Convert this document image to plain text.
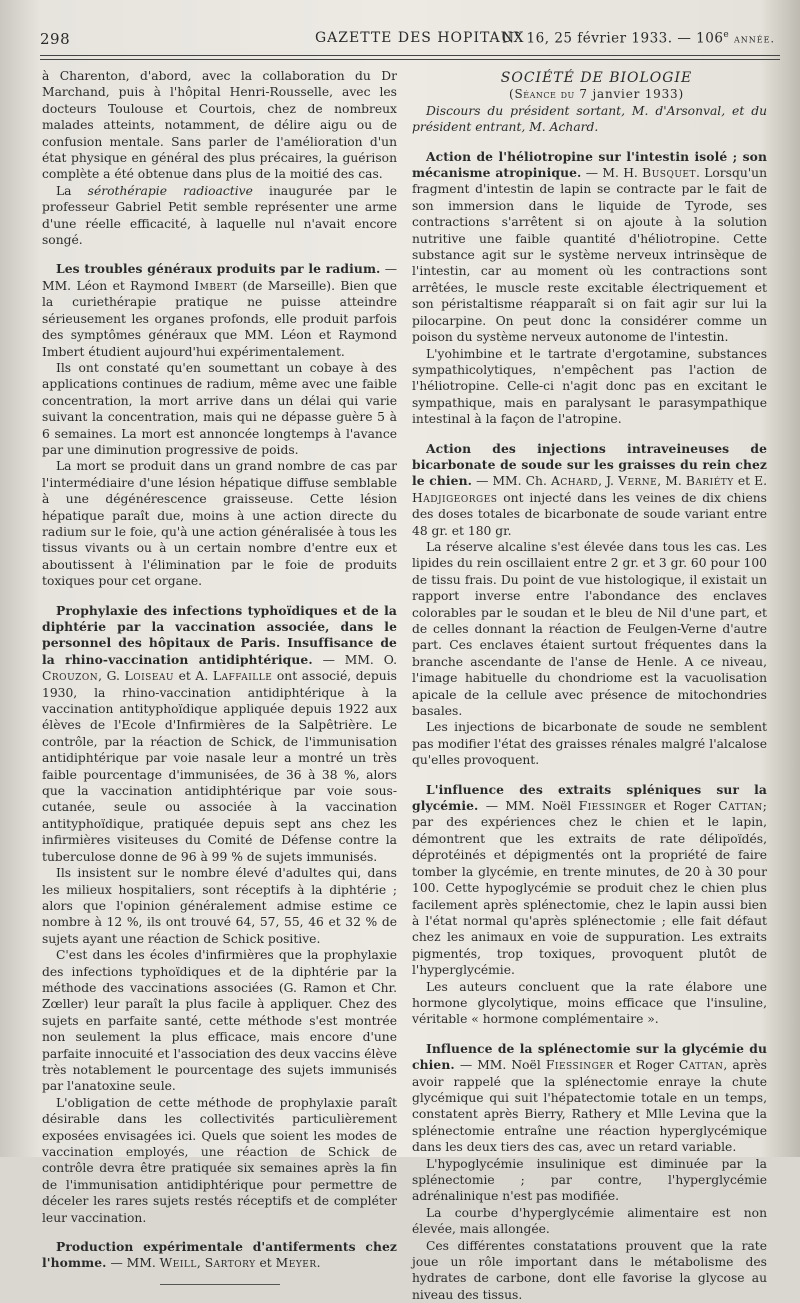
298	GAZETTE DES HOPITAUX
N° 16, 25 février 1933. — 106e année.

à Charenton, d'abord, avec la collaboration du Dr Marchand, puis à l'hôpital Henri-Rousselle, avec les docteurs Toulouse et Courtois, chez de nombreux malades atteints, notamment, de délire aigu ou de confusion mentale. Sans parler de l'amélioration d'un état physique en général des plus précaires, la guérison complète a été obtenue dans plus de la moitié des cas.

La sérothérapie radioactive inaugurée par le professeur Gabriel Petit semble représenter une arme d'une réelle efficacité, à laquelle nul n'avait encore songé.

Les troubles généraux produits par le radium. — MM. Léon et Raymond Imbert (de Marseille). Bien que la curiethérapie pratique ne puisse atteindre sérieusement les organes profonds, elle produit parfois des symptômes généraux que MM. Léon et Raymond Imbert étudient aujourd'hui expérimentalement.

Ils ont constaté qu'en soumettant un cobaye à des applications continues de radium, même avec une faible concentration, la mort arrive dans un délai qui varie suivant la concentration, mais qui ne dépasse guère 5 à 6 semaines. La mort est annoncée longtemps à l'avance par une diminution progressive de poids.

La mort se produit dans un grand nombre de cas par l'intermédiaire d'une lésion hépatique diffuse semblable à une dégénérescence graisseuse. Cette lésion hépatique paraît due, moins à une action directe du radium sur le foie, qu'à une action généralisée à tous les tissus vivants ou à un certain nombre d'entre eux et aboutissent à l'élimination par le foie de produits toxiques pour cet organe.

Prophylaxie des infections typhoïdiques et de la diphtérie par la vaccination associée, dans le personnel des hôpitaux de Paris. Insuffisance de la rhino-vaccination antidiphtérique. — MM. O. Crouzon, G. Loiseau et A. Laffaille ont associé, depuis 1930, la rhino-vaccination antidiphtérique à la vaccination antityphoïdique appliquée depuis 1922 aux élèves de l'Ecole d'Infirmières de la Salpêtrière. Le contrôle, par la réaction de Schick, de l'immunisation antidiphtérique par voie nasale leur a montré un très faible pourcentage d'immunisées, de 36 à 38 %, alors que la vaccination antidiphtérique par voie sous-cutanée, seule ou associée à la vaccination antityphoïdique, pratiquée depuis sept ans chez les infirmières visiteuses du Comité de Défense contre la tuberculose donne de 96 à 99 % de sujets immunisés.

Ils insistent sur le nombre élevé d'adultes qui, dans les milieux hospitaliers, sont réceptifs à la diphtérie ; alors que l'opinion généralement admise estime ce nombre à 12 %, ils ont trouvé 64, 57, 55, 46 et 32 % de sujets ayant une réaction de Schick positive.

C'est dans les écoles d'infirmières que la prophylaxie des infections typhoïdiques et de la diphtérie par la méthode des vaccinations associées (G. Ramon et Chr. Zœller) leur paraît la plus facile à appliquer. Chez des sujets en parfaite santé, cette méthode s'est montrée non seulement la plus efficace, mais encore d'une parfaite innocuité et l'association des deux vaccins élève très notablement le pourcentage des sujets immunisés par l'anatoxine seule.

L'obligation de cette méthode de prophylaxie paraît désirable dans les collectivités particulièrement exposées envisagées ici. Quels que soient les modes de vaccination employés, une réaction de Schick de contrôle devra être pratiquée six semaines après la fin de l'immunisation antidiphtérique pour permettre de déceler les rares sujets restés réceptifs et de compléter leur vaccination.

Production expérimentale d'antiferments chez l'homme. — MM. Weill, Sartory et Meyer.

SOCIÉTÉ DE BIOLOGIE

(Séance du 7 janvier 1933)

Discours du président sortant, M. d'Arsonval, et du président entrant, M. Achard.

Action de l'héliotropine sur l'intestin isolé ; son mécanisme atropinique. — M. H. Busquet. Lorsqu'un fragment d'intestin de lapin se contracte par le fait de son immersion dans le liquide de Tyrode, ses contractions s'arrêtent si on ajoute à la solution nutritive une faible quantité d'héliotropine. Cette substance agit sur le système nerveux intrinsèque de l'intestin, car au moment où les contractions sont arrêtées, le muscle reste excitable électriquement et son péristaltisme réapparaît si on fait agir sur lui la pilocarpine. On peut donc la considérer comme un poison du système nerveux autonome de l'intestin.

L'yohimbine et le tartrate d'ergotamine, substances sympathicolytiques, n'empêchent pas l'action de l'héliotropine. Celle-ci n'agit donc pas en excitant le sympathique, mais en paralysant le parasympathique intestinal à la façon de l'atropine.

Action des injections intraveineuses de bicarbonate de soude sur les graisses du rein chez le chien. — MM. Ch. Achard, J. Verne, M. Bariéty et E. Hadjigeorges ont injecté dans les veines de dix chiens des doses totales de bicarbonate de soude variant entre 48 gr. et 180 gr.

La réserve alcaline s'est élevée dans tous les cas. Les lipides du rein oscillaient entre 2 gr. et 3 gr. 60 pour 100 de tissu frais. Du point de vue histologique, il existait un rapport inverse entre l'abondance des enclaves colorables par le soudan et le bleu de Nil d'une part, et de celles donnant la réaction de Feulgen-Verne d'autre part. Ces enclaves étaient surtout fréquentes dans la branche ascendante de l'anse de Henle. A ce niveau, l'image habituelle du chondriome est la vacuolisation apicale de la cellule avec présence de mitochondries basales.

Les injections de bicarbonate de soude ne semblent pas modifier l'état des graisses rénales malgré l'alcalose qu'elles provoquent.

L'influence des extraits spléniques sur la glycémie. — MM. Noël Fiessinger et Roger Cattan; par des expériences chez le chien et le lapin, démontrent que les extraits de rate délipoïdés, déprotéinés et dépigmentés ont la propriété de faire tomber la glycémie, en trente minutes, de 20 à 30 pour 100. Cette hypoglycémie se produit chez le chien plus facilement après splénectomie, chez le lapin aussi bien à l'état normal qu'après splénectomie ; elle fait défaut chez les animaux en voie de suppuration. Les extraits pigmentés, trop toxiques, provoquent plutôt de l'hyperglycémie.

Les auteurs concluent que la rate élabore une hormone glycolytique, moins efficace que l'insuline, véritable « hormone complémentaire ».

Influence de la splénectomie sur la glycémie du chien. — MM. Noël Fiessinger et Roger Cattan, après avoir rappelé que la splénectomie enraye la chute glycémique qui suit l'hépatectomie totale en un temps, constatent après Bierry, Rathery et Mlle Levina que la splénectomie entraîne une réaction hyperglycémique dans les deux tiers des cas, avec un retard variable.

L'hypoglycémie insulinique est diminuée par la splénectomie ; par contre, l'hyperglycémie adrénalinique n'est pas modifiée.

La courbe d'hyperglycémie alimentaire est non élevée, mais allongée.

Ces différentes constatations prouvent que la rate joue un rôle important dans le métabolisme des hydrates de carbone, dont elle favorise la glycose au niveau des tissus.
